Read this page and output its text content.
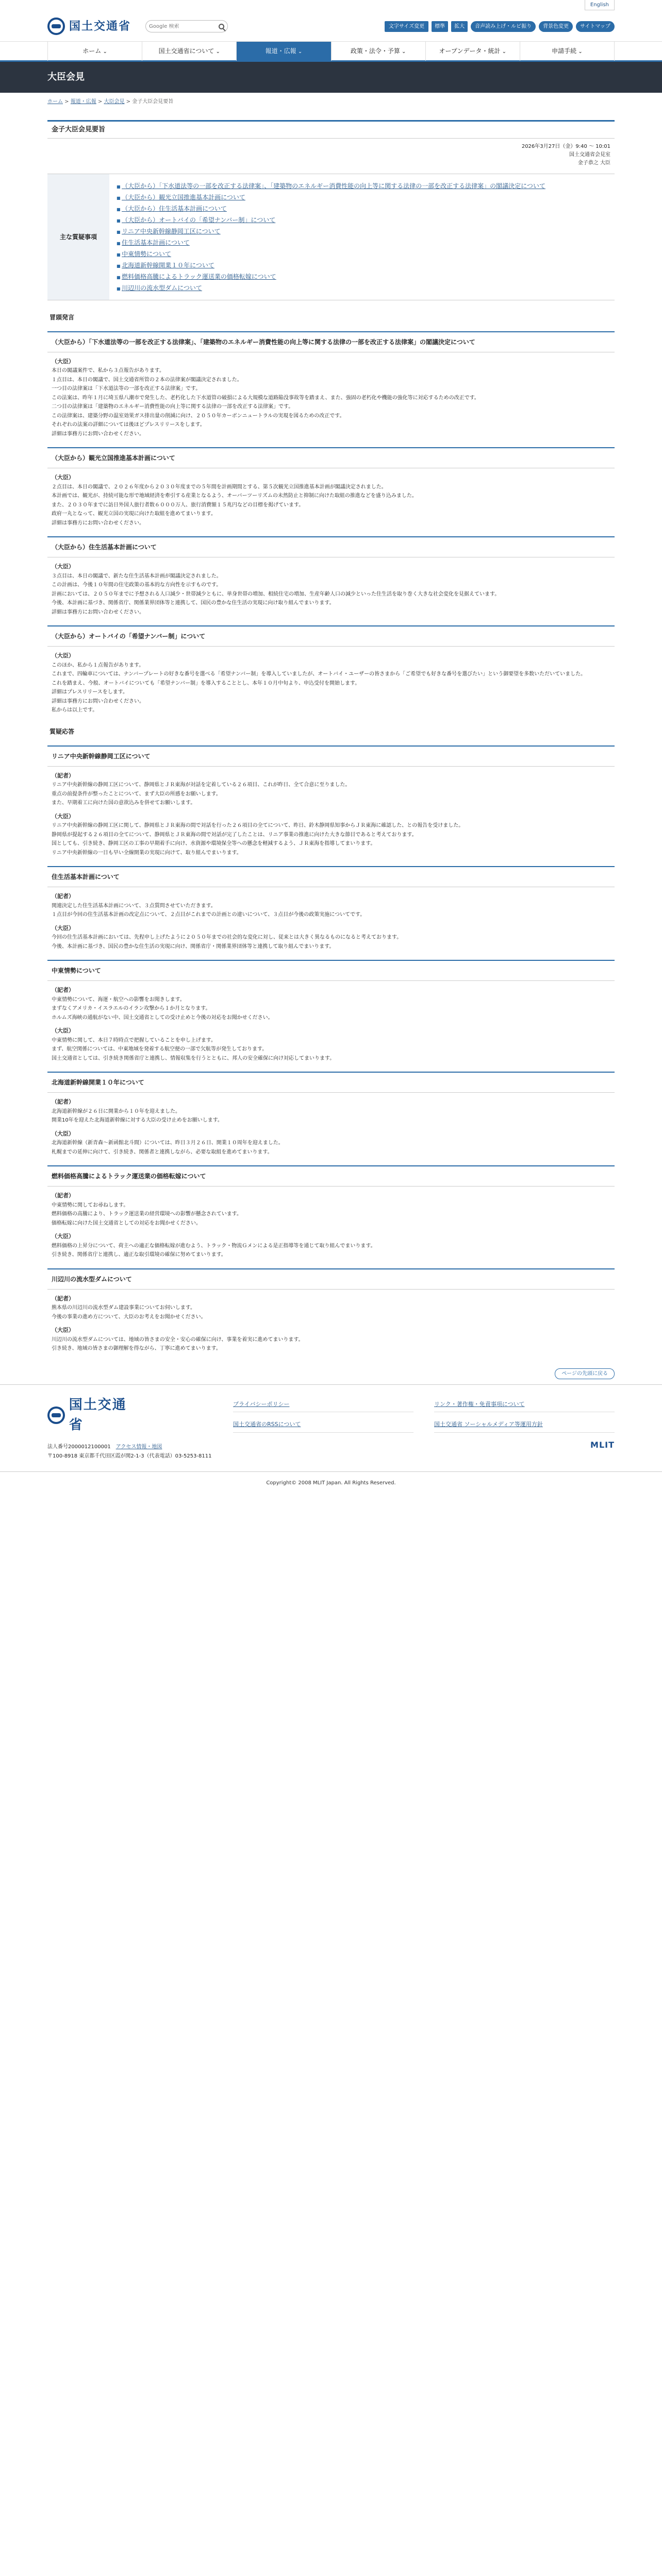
English
国土交通省
Google 検索	文字サイズ変更	標準	拡大	音声読み上げ・ルビ振り	背景色変更	サイトマップ
ホーム ⌄	国土交通省について ⌄	報道・広報 ⌄	政策・法令・予算 ⌄	オープンデータ・統計 ⌄	申請手続 ⌄
大臣会見
ホーム > 報道・広報 > 大臣会見 > 金子大臣会見要旨
金子大臣会見要旨
2026年3月27日（金）9:40 ～ 10:01
国土交通省会見室
金子恭之 大臣
主な質疑事項
■ （大臣から）「下水道法等の一部を改正する法律案」、「建築物のエネルギー消費性能の向上等に関する法律の一部を改正する法律案」の閣議決定について
■ （大臣から）観光立国推進基本計画について
■ （大臣から）住生活基本計画について
■ （大臣から）オートバイの「希望ナンバー制」について
■ リニア中央新幹線静岡工区について
■ 住生活基本計画について
■ 中東情勢について
■ 北海道新幹線開業１０年について
■ 燃料価格高騰によるトラック運送業の価格転嫁について
■ 川辺川の流水型ダムについて
冒頭発言
（大臣から）「下水道法等の一部を改正する法律案」、「建築物のエネルギー消費性能の向上等に関する法律の一部を改正する法律案」の閣議決定について
（大臣）

本日の閣議案件で、私から３点報告があります。

１点目は、本日の閣議で、国土交通省所管の２本の法律案が閣議決定されました。

一つ目の法律案は「下水道法等の一部を改正する法律案」です。

この法案は、昨年１月に埼玉県八潮市で発生した、老朽化した下水道管の破損による大規模な道路陥没事故等を踏まえ、また、強固の老朽化や機能の強化等に対応するための改正です。

二つ目の法律案は「建築物のエネルギー消費性能の向上等に関する法律の一部を改正する法律案」です。

この法律案は、建築分野の温室効果ガス排出量の削減に向け、２０５０年カーボンニュートラルの実現を図るための改正です。

それぞれの法案の詳細については後ほどプレスリリースをします。

詳細は事務方にお問い合わせください。

（大臣から）観光立国推進基本計画について
（大臣）

２点目は、本日の閣議で、２０２６年度から２０３０年度までの５年間を計画期間とする、第５次観光立国推進基本計画が閣議決定されました。

本計画では、観光が、持続可能な形で地域経済を牽引する産業となるよう、オーバーツーリズムの未然防止と抑制に向けた取組の推進などを盛り込みました。

また、２０３０年までに訪日外国人旅行者数６０００万人、旅行消費額１５兆円などの目標を掲げています。

政府一丸となって、観光立国の実現に向けた取組を進めてまいります。

詳細は事務方にお問い合わせください。

（大臣から）住生活基本計画について
（大臣）

３点目は、本日の閣議で、新たな住生活基本計画が閣議決定されました。

この計画は、今後１０年間の住宅政策の基本的な方向性を示すものです。

計画においては、２０５０年までに予想される人口減少・世帯減少ともに、単身世帯の増加、相続住宅の増加、生産年齢人口の減少といった住生活を取り巻く大きな社会変化を見据えています。

今後、本計画に基づき、関係省庁、関係業界団体等と連携して、国民の豊かな住生活の実現に向け取り組んでまいります。

詳細は事務方にお問い合わせください。

（大臣から）オートバイの「希望ナンバー制」について
（大臣）

このほか、私から１点報告があります。

これまで、四輪車については、ナンバープレートの好きな番号を選べる「希望ナンバー制」を導入していましたが、オートバイ・ユーザーの皆さまから「ご希望でも好きな番号を選びたい」という御要望を多数いただいていました。

これを踏まえ、今般、オートバイについても「希望ナンバー制」を導入することとし、本年１０月中旬より、申込受付を開始します。

詳細はプレスリリースをします。

詳細は事務方にお問い合わせください。

私からは以上です。

質疑応答
リニア中央新幹線静岡工区について
（記者）

リニア中央新幹線の静岡工区について、静岡県とＪＲ東海が対話を定着している２６項目、これが昨日、全て合意に至りました。

重点の前提条件が整ったことについて、まず大臣の所感をお願いします。

また、早期着工に向けた国の意欲込みを併せてお願いします。

（大臣）

リニア中央新幹線の静岡工区に関して、静岡県とＪＲ東海の間で対話を行った２６項目の全てについて、昨日、鈴木静岡県知事からＪＲ東海に確認した、との報告を受けました。

静岡県が提起する２６項目の全てについて、静岡県とＪＲ東海の間で対話が完了したことは、リニア事業の推進に向けた大きな節目であると考えております。

国としても、引き続き、静岡工区の工事の早期着手に向け、水資源や環境保全等への懸念を軽減するよう、ＪＲ東海を指導してまいります。

リニア中央新幹線の一日も早い全線開業の実現に向けて、取り組んでまいります。

住生活基本計画について
（記者）

関連決定した住生活基本計画について、３点質問させていただきます。

１点目が今回の住生活基本計画の改定点について、２点目がこれまでの計画との違いについて、３点目が今後の政策実施についてです。

（大臣）

今回の住生活基本計画においては、先程申し上げたように２０５０年までの社会的な変化に対し、従来とは大きく異なるものになると考えております。

今後、本計画に基づき、国民の豊かな住生活の実現に向け、関係省庁・関係業界団体等と連携して取り組んでまいります。

中東情勢について
（記者）

中東情勢について、海運・航空への影響をお聞きします。

まずなくアメリカ・イスラエルのイラン攻撃から１か月となります。

ホルムズ海峡の通航がない中、国土交通省としての受け止めと今後の対応をお聞かせください。

（大臣）

中東情勢に関して、本日７時時点で把握していることを申し上げます。

まず、航空関係については、中東地域を発着する航空便の一部で欠航等が発生しております。

国土交通省としては、引き続き関係省庁と連携し、情報収集を行うとともに、邦人の安全確保に向け対応してまいります。

北海道新幹線開業１０年について
（記者）

北海道新幹線が２６日に開業から１０年を迎えました。

開業10年を迎えた北海道新幹線に対する大臣の受け止めをお願いします。

（大臣）

北海道新幹線（新青森～新函館北斗間）については、昨日３月２６日、開業１０周年を迎えました。

札幌までの延伸に向けて、引き続き、関係者と連携しながら、必要な取組を進めてまいります。

燃料価格高騰によるトラック運送業の価格転嫁について
（記者）

中東情勢に関してお尋ねします。

燃料価格の高騰により、トラック運送業の経営環境への影響が懸念されています。

価格転嫁に向けた国土交通省としての対応をお聞かせください。

（大臣）

燃料価格の上昇分について、荷主への適正な価格転嫁が進むよう、トラック・物流Ｇメンによる是正指導等を通じて取り組んでまいります。

引き続き、関係省庁と連携し、適正な取引環境の確保に努めてまいります。

川辺川の流水型ダムについて
（記者）

熊本県の川辺川の流水型ダム建設事業についてお伺いします。

今後の事業の進め方について、大臣のお考えをお聞かせください。

（大臣）

川辺川の流水型ダムについては、地域の皆さまの安全・安心の確保に向け、事業を着実に進めてまいります。

引き続き、地域の皆さまの御理解を得ながら、丁寧に進めてまいります。

ページの先頭に戻る
国土交通省
法人番号2000012100001 アクセス情報・地図
〒100-8918 東京都千代田区霞が関2-1-3（代表電話）03-5253-8111
プライバシーポリシー	リンク・著作権・免責事項について
国土交通省のRSSについて	国土交通省 ソーシャルメディア等運用方針
MLIT
Copyright© 2008 MLIT Japan. All Rights Reserved.
